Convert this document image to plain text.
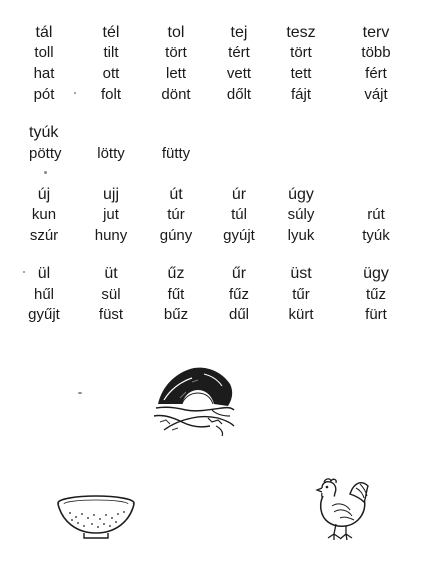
tál	tél	tol	tej tesz	terv
toll	tilt	tört	tért	tört	több
hat	ott	lett	vett	tett	fért
pót	folt	dönt dőlt	fájt	vájt
tyúk
pötty lötty fütty
új	ujj	út	úr	úgy
kun	jut	túr	túl	súly	rút
szúr huny gúny gyújt lyuk	tyúk
ül	üt	űz	űr	üst	ügy
hűl	sül	fűt	fűz	tűr	tűz
gyűjt	füst	bűz	dűl	kürt	fürt
